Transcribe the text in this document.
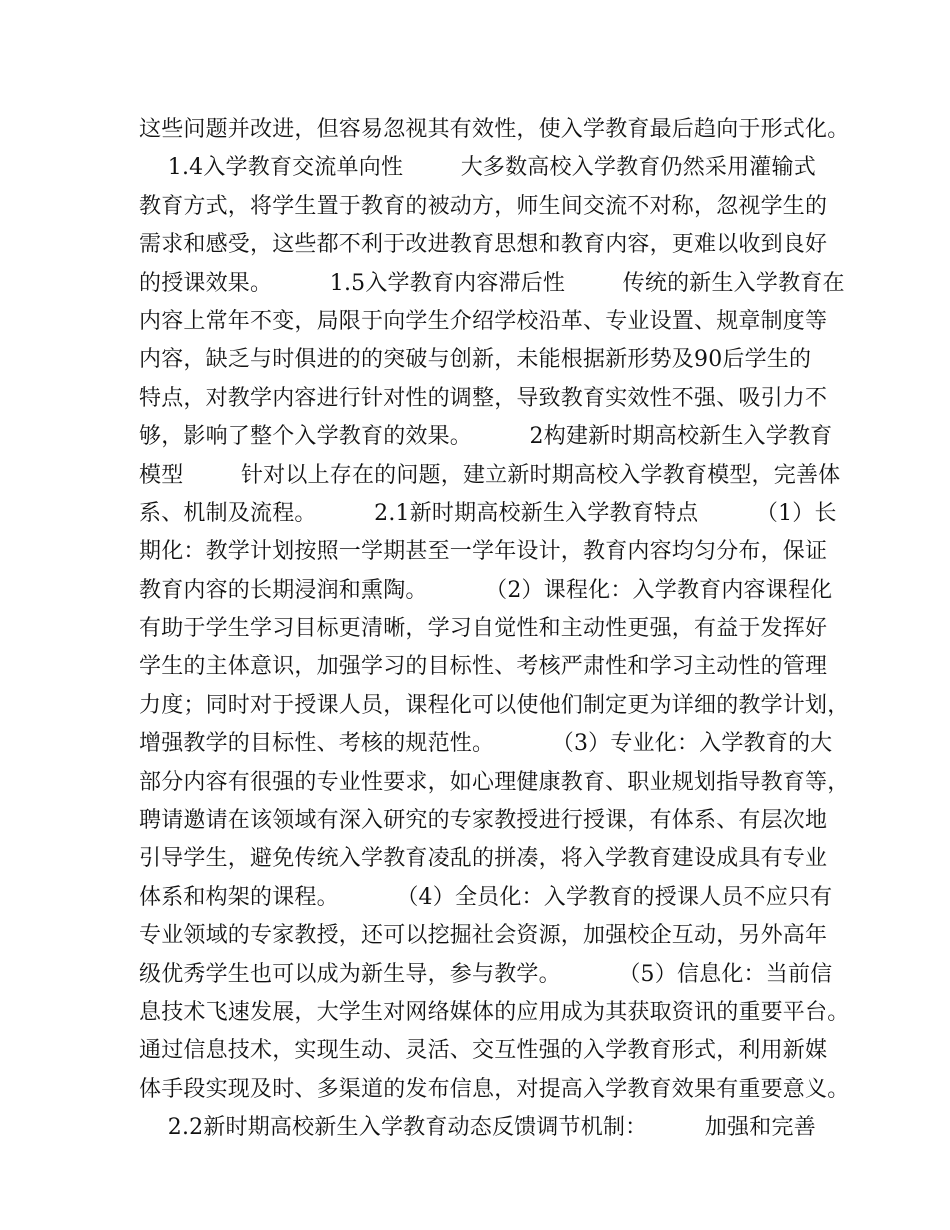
这些问题并改进，但容易忽视其有效性，使入学教育最后趋向于形式化。
1.4入学教育交流单向性        大多数高校入学教育仍然采用灌输式
教育方式，将学生置于教育的被动方，师生间交流不对称，忽视学生的
需求和感受，这些都不利于改进教育思想和教育内容，更难以收到良好
的授课效果。        1.5入学教育内容滞后性        传统的新生入学教育在
内容上常年不变，局限于向学生介绍学校沿革、专业设置、规章制度等
内容，缺乏与时俱进的的突破与创新，未能根据新形势及90后学生的
特点，对教学内容进行针对性的调整，导致教育实效性不强、吸引力不
够，影响了整个入学教育的效果。        2构建新时期高校新生入学教育
模型        针对以上存在的问题，建立新时期高校入学教育模型，完善体
系、机制及流程。        2.1新时期高校新生入学教育特点        （1）长
期化：教学计划按照一学期甚至一学年设计，教育内容均匀分布，保证
教育内容的长期浸润和熏陶。        （2）课程化：入学教育内容课程化
有助于学生学习目标更清晰，学习自觉性和主动性更强，有益于发挥好
学生的主体意识，加强学习的目标性、考核严肃性和学习主动性的管理
力度；同时对于授课人员，课程化可以使他们制定更为详细的教学计划，
增强教学的目标性、考核的规范性。        （3）专业化：入学教育的大
部分内容有很强的专业性要求，如心理健康教育、职业规划指导教育等，
聘请邀请在该领域有深入研究的专家教授进行授课，有体系、有层次地
引导学生，避免传统入学教育凌乱的拼凑，将入学教育建设成具有专业
体系和构架的课程。        （4）全员化：入学教育的授课人员不应只有
专业领域的专家教授，还可以挖掘社会资源，加强校企互动，另外高年
级优秀学生也可以成为新生导，参与教学。        （5）信息化：当前信
息技术飞速发展，大学生对网络媒体的应用成为其获取资讯的重要平台。
通过信息技术，实现生动、灵活、交互性强的入学教育形式，利用新媒
体手段实现及时、多渠道的发布信息，对提高入学教育效果有重要意义。
2.2新时期高校新生入学教育动态反馈调节机制：        加强和完善
